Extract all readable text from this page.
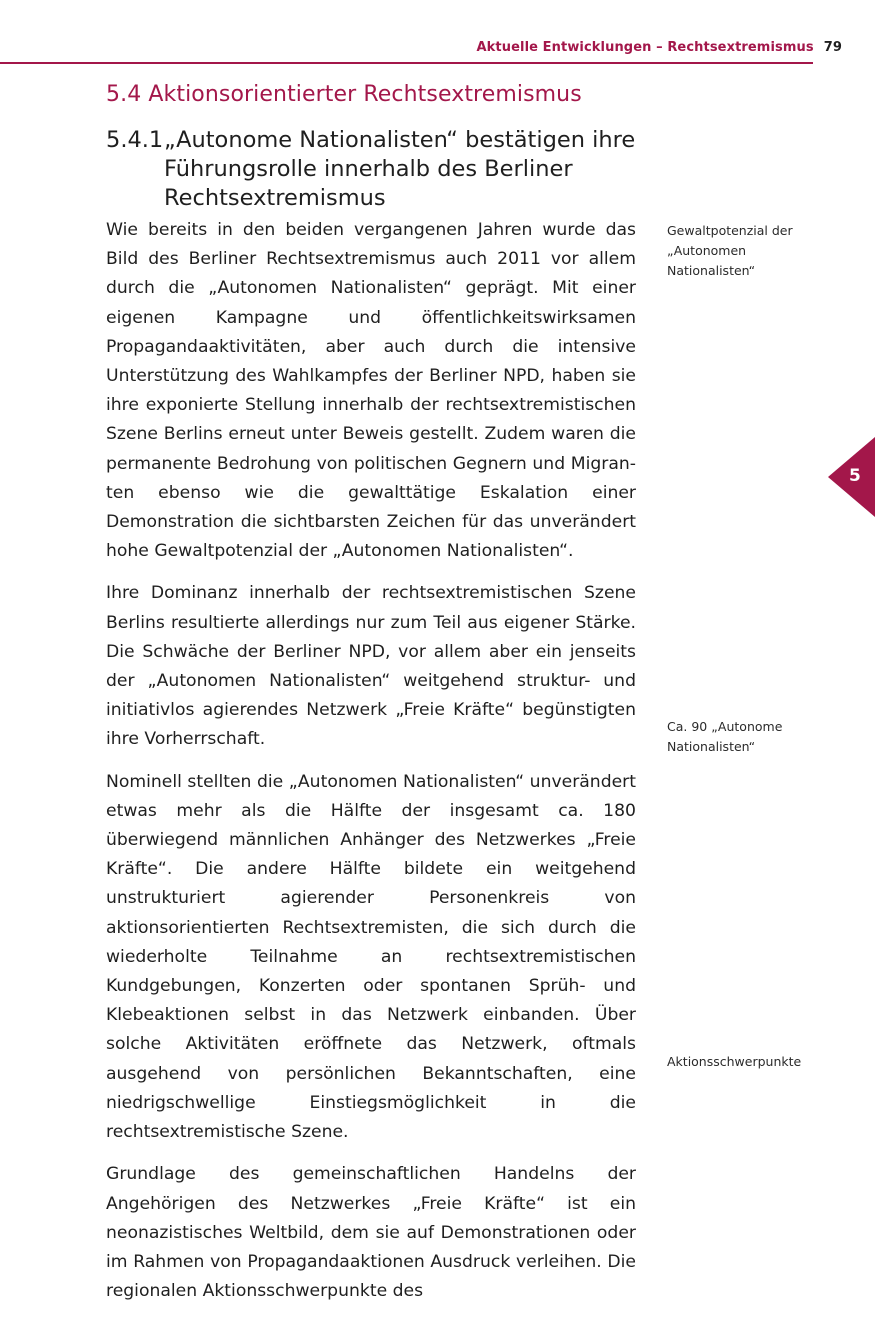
Aktuelle Entwicklungen – Rechtsextremismus 79
5.4 Aktionsorientierter Rechtsextremismus
5.4.1 „Autonome Nationalisten“ bestätigen ihre Führungsrolle innerhalb des Berliner Rechtsextremismus

Wie bereits in den beiden vergangenen Jahren wurde das Bild des Berliner Rechtsextremismus auch 2011 vor allem durch die „Autonomen Nationalisten“ geprägt. Mit einer eigenen Kampagne und öffentlichkeitswirksamen Propagandaaktivitäten, aber auch durch die intensive Unterstützung des Wahlkampfes der Berliner NPD, haben sie ihre exponierte Stellung innerhalb der rechtsextremistischen Szene Berlins erneut unter Beweis gestellt. Zudem waren die permanente Bedrohung von politischen Gegnern und Migranten ebenso wie die gewalttätige Eskalation einer Demonstration die sichtbarsten Zeichen für das unverändert hohe Gewaltpotenzial der „Autonomen Nationalisten“.

Ihre Dominanz innerhalb der rechtsextremistischen Szene Berlins resultierte allerdings nur zum Teil aus eigener Stärke. Die Schwäche der Berliner NPD, vor allem aber ein jenseits der „Autonomen Nationalisten“ weitgehend struktur- und initiativlos agierendes Netzwerk „Freie Kräfte“ begünstigten ihre Vorherrschaft.

Nominell stellten die „Autonomen Nationalisten“ unverändert etwas mehr als die Hälfte der insgesamt ca. 180 überwiegend männlichen Anhänger des Netzwerkes „Freie Kräfte“. Die andere Hälfte bildete ein weitgehend unstrukturiert agierender Personenkreis von aktionsorientierten Rechtsextremisten, die sich durch die wiederholte Teilnahme an rechtsextremistischen Kundgebungen, Konzerten oder spontanen Sprüh- und Klebeaktionen selbst in das Netzwerk einbanden. Über solche Aktivitäten eröffnete das Netzwerk, oftmals ausgehend von persönlichen Bekanntschaften, eine niedrigschwellige Einstiegsmöglichkeit in die rechtsextremistische Szene.

Grundlage des gemeinschaftlichen Handelns der Angehörigen des Netzwerkes „Freie Kräfte“ ist ein neonazistisches Weltbild, dem sie auf Demonstrationen oder im Rahmen von Propagandaaktionen Ausdruck verleihen. Die regionalen Aktionsschwerpunkte des

Gewaltpotenzial der „Autonomen Nationalisten“
Ca. 90 „Autonome Nationalisten“
Aktionsschwerpunkte
5
